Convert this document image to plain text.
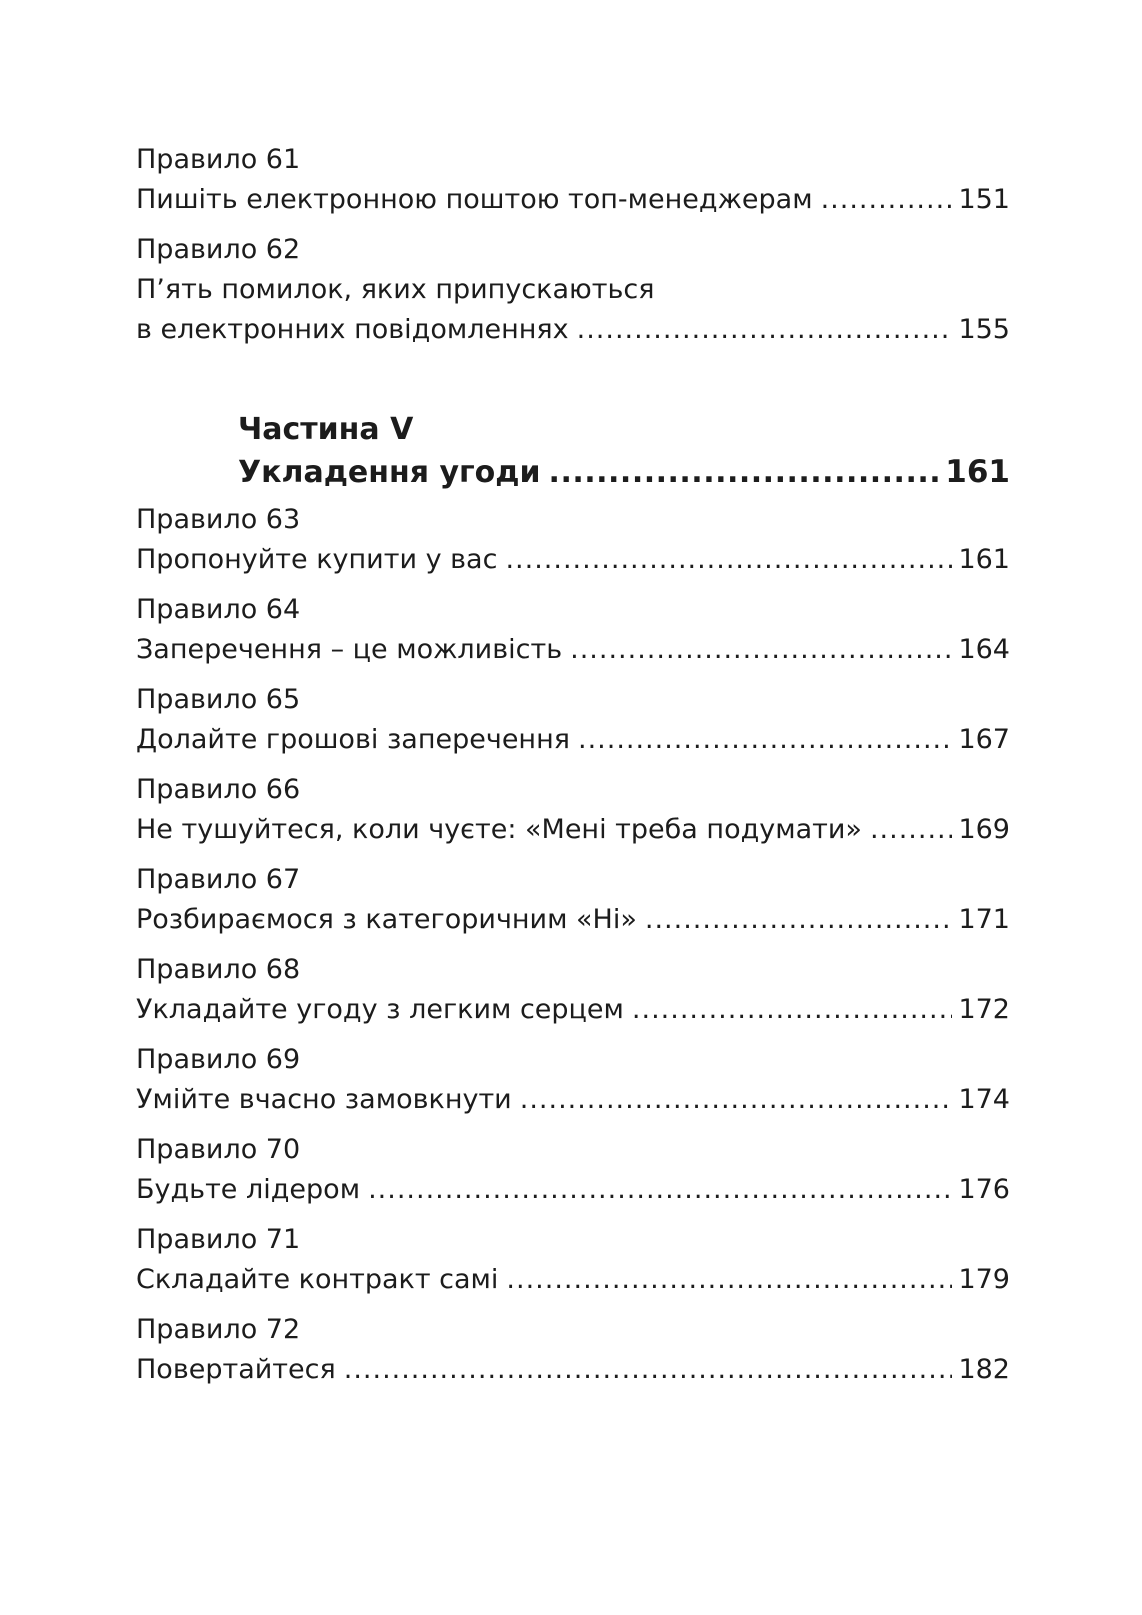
Правило 61
Пишіть електронною поштою топ-менеджерам .....	151
Правило 62
П’ять помилок, яких припускаються
в електронних повідомленнях .....	155
Частина V
Укладення угоди .....	161
Правило 63
Пропонуйте купити у вас .....	161
Правило 64
Заперечення – це можливість .....	164
Правило 65
Долайте грошові заперечення .....	167
Правило 66
Не тушуйтеся, коли чуєте: «Мені треба подумати» .....	169
Правило 67
Розбираємося з категоричним «Ні» .....	171
Правило 68
Укладайте угоду з легким серцем .....	172
Правило 69
Умійте вчасно замовкнути .....	174
Правило 70
Будьте лідером .....	176
Правило 71
Складайте контракт самі .....	179
Правило 72
Повертайтеся .....	182
